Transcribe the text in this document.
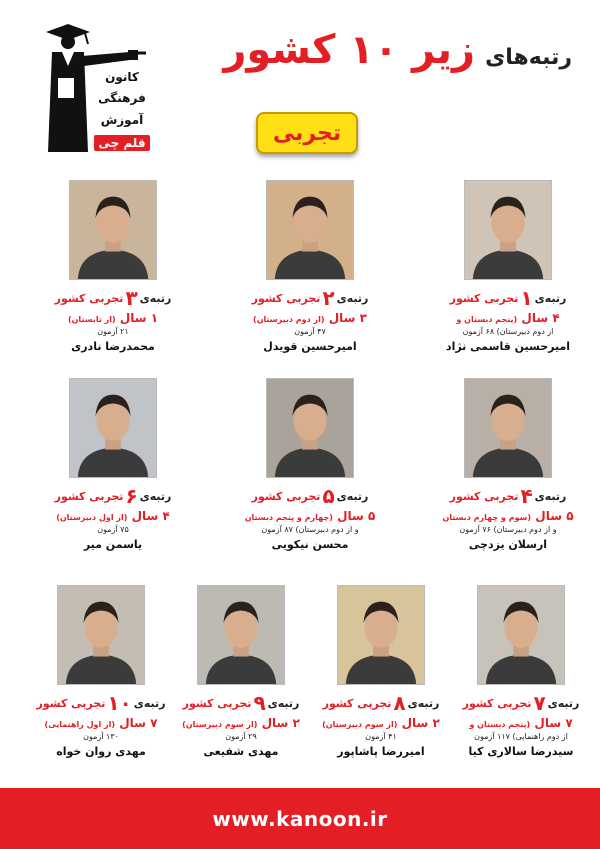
کانون
فرهنگی
آموزش
قلم چی
رتبه‌های
زیر ۱۰ کشور
تجربی
رتبه‌ی۱تجربی کشور
۴ سال (پنجم دبستان و
از دوم دبیرستان) ۶۸ آزمون
امیرحسین قاسمی نژاد
رتبه‌ی۲تجربی کشور
۳ سال (از دوم دبیرستان)
۴۷ آزمون
امیرحسین قویدل
رتبه‌ی۳تجربی کشور
۱ سال (از تابستان)
۲۱ آزمون
محمدرضا نادری
رتبه‌ی۴تجربی کشور
۵ سال (سوم و چهارم دبستان
و از دوم دبیرستان) ۷۶ آزمون
ارسلان یزدچی
رتبه‌ی۵تجربی کشور
۵ سال (چهارم و پنجم دبستان
و از دوم دبیرستان) ۸۷ آزمون
محسن نیکویی
رتبه‌ی۶تجربی کشور
۴ سال (از اول دبیرستان)
۷۵ آزمون
یاسمن میر
رتبه‌ی۷تجربی کشور
۷ سال (پنجم دبستان و
از دوم راهنمایی) ۱۱۷ آزمون
سیدرضا سالاری کیا
رتبه‌ی۸تجربی کشور
۲ سال (از سوم دبیرستان)
۴۱ آزمون
امیررضا پاشاپور
رتبه‌ی۹تجربی کشور
۲ سال (از سوم دبیرستان)
۲۹ آزمون
مهدی شفیعی
رتبه‌ی۱۰تجربی کشور
۷ سال (از اول راهنمایی)
۱۳۰ آزمون
مهدی روان خواه
www.kanoon.ir
